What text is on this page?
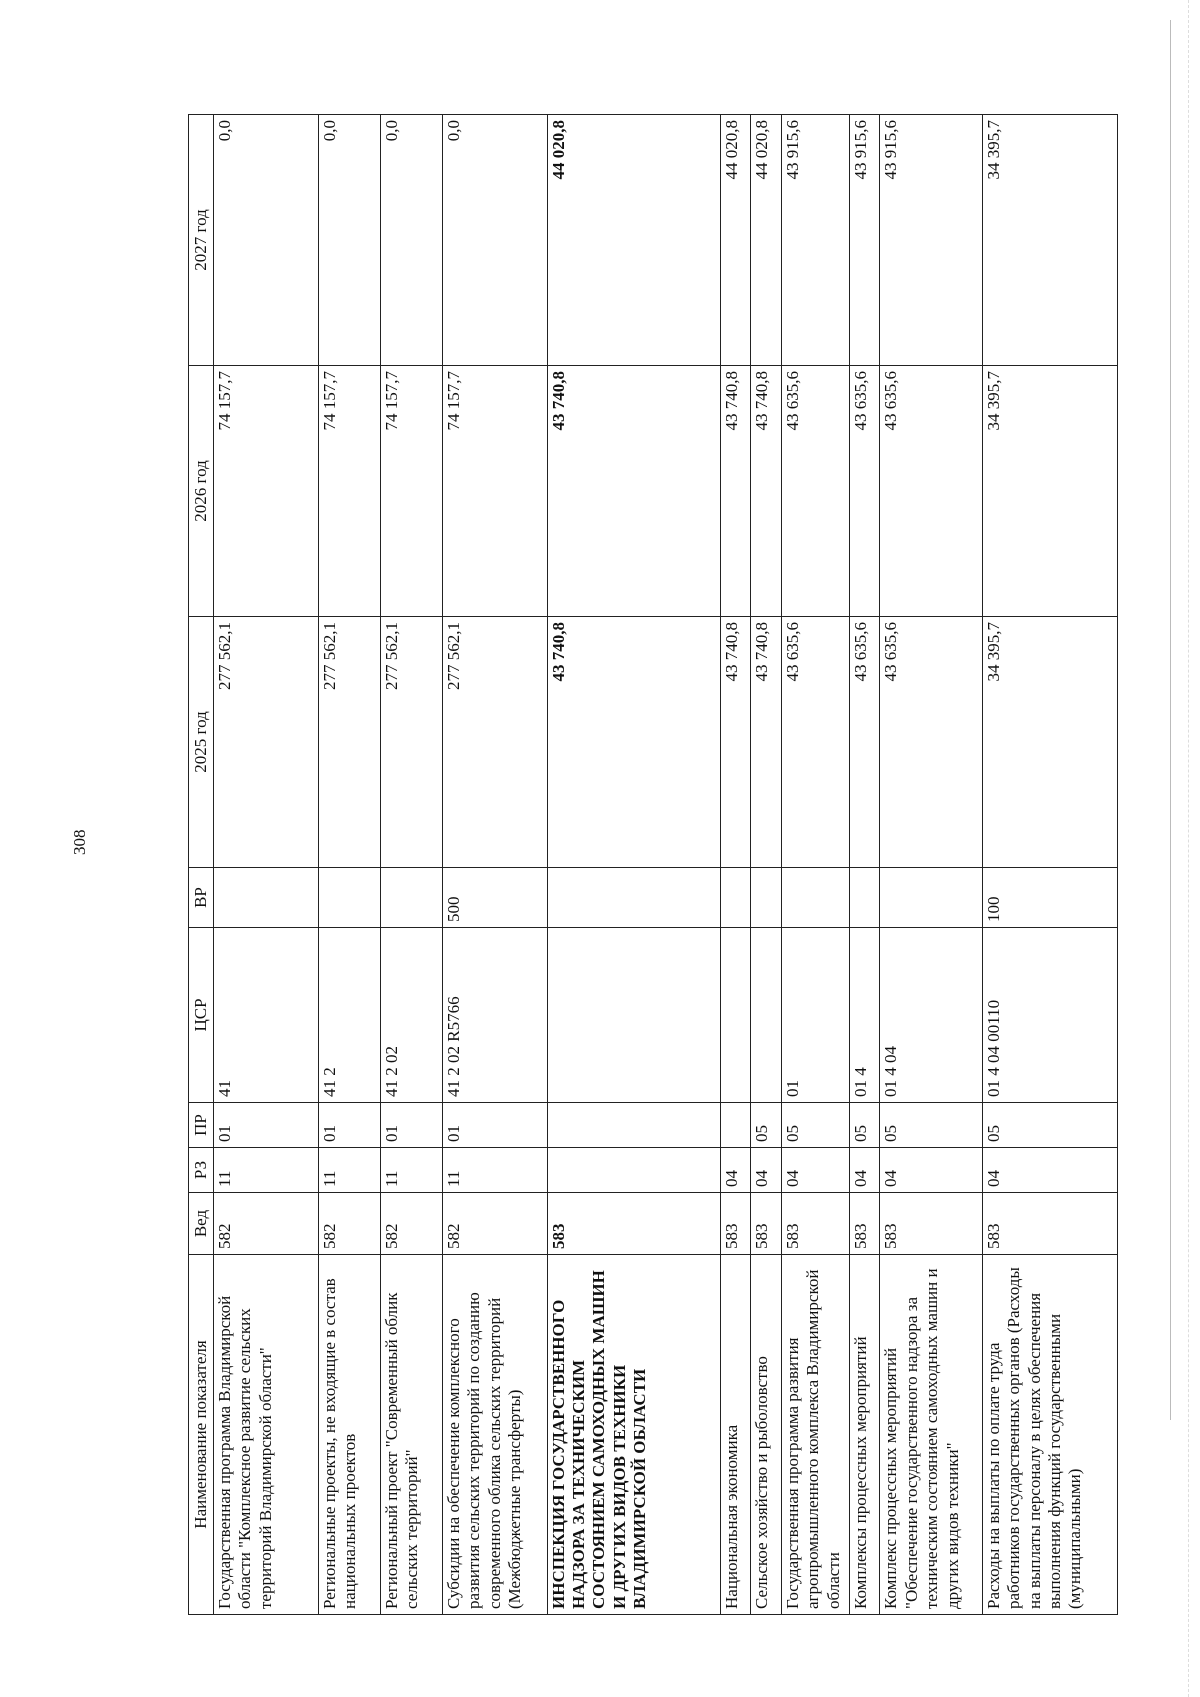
308
Наименование показателя	Вед	РЗ	ПР	ЦСР	ВР	2025 год	2026 год	2027 год
Государственная программа Владимирской области "Комплексное развитие сельских территорий Владимирской области"	582	11	01	41		277 562,1	74 157,7	0,0
Региональные проекты, не входящие в состав национальных проектов	582	11	01	41 2		277 562,1	74 157,7	0,0
Региональный проект "Современный облик сельских территорий"	582	11	01	41 2 02		277 562,1	74 157,7	0,0
Субсидии на обеспечение комплексного развития сельских территорий по созданию современного облика сельских территорий (Межбюджетные трансферты)	582	11	01	41 2 02 R5766	500	277 562,1	74 157,7	0,0
ИНСПЕКЦИЯ ГОСУДАРСТВЕННОГО НАДЗОРА ЗА ТЕХНИЧЕСКИМ СОСТОЯНИЕМ САМОХОДНЫХ МАШИН И ДРУГИХ ВИДОВ ТЕХНИКИ ВЛАДИМИРСКОЙ ОБЛАСТИ	583					43 740,8	43 740,8	44 020,8
Национальная экономика	583	04				43 740,8	43 740,8	44 020,8
Сельское хозяйство и рыболовство	583	04	05			43 740,8	43 740,8	44 020,8
Государственная программа развития агропромышленного комплекса Владимирской области	583	04	05	01		43 635,6	43 635,6	43 915,6
Комплексы процессных мероприятий	583	04	05	01 4		43 635,6	43 635,6	43 915,6
Комплекс процессных мероприятий "Обеспечение государственного надзора за техническим состоянием самоходных машин и других видов техники"	583	04	05	01 4 04		43 635,6	43 635,6	43 915,6
Расходы на выплаты по оплате труда работников государственных органов (Расходы на выплаты персоналу в целях обеспечения выполнения функций государственными (муниципальными)	583	04	05	01 4 04 00110	100	34 395,7	34 395,7	34 395,7
